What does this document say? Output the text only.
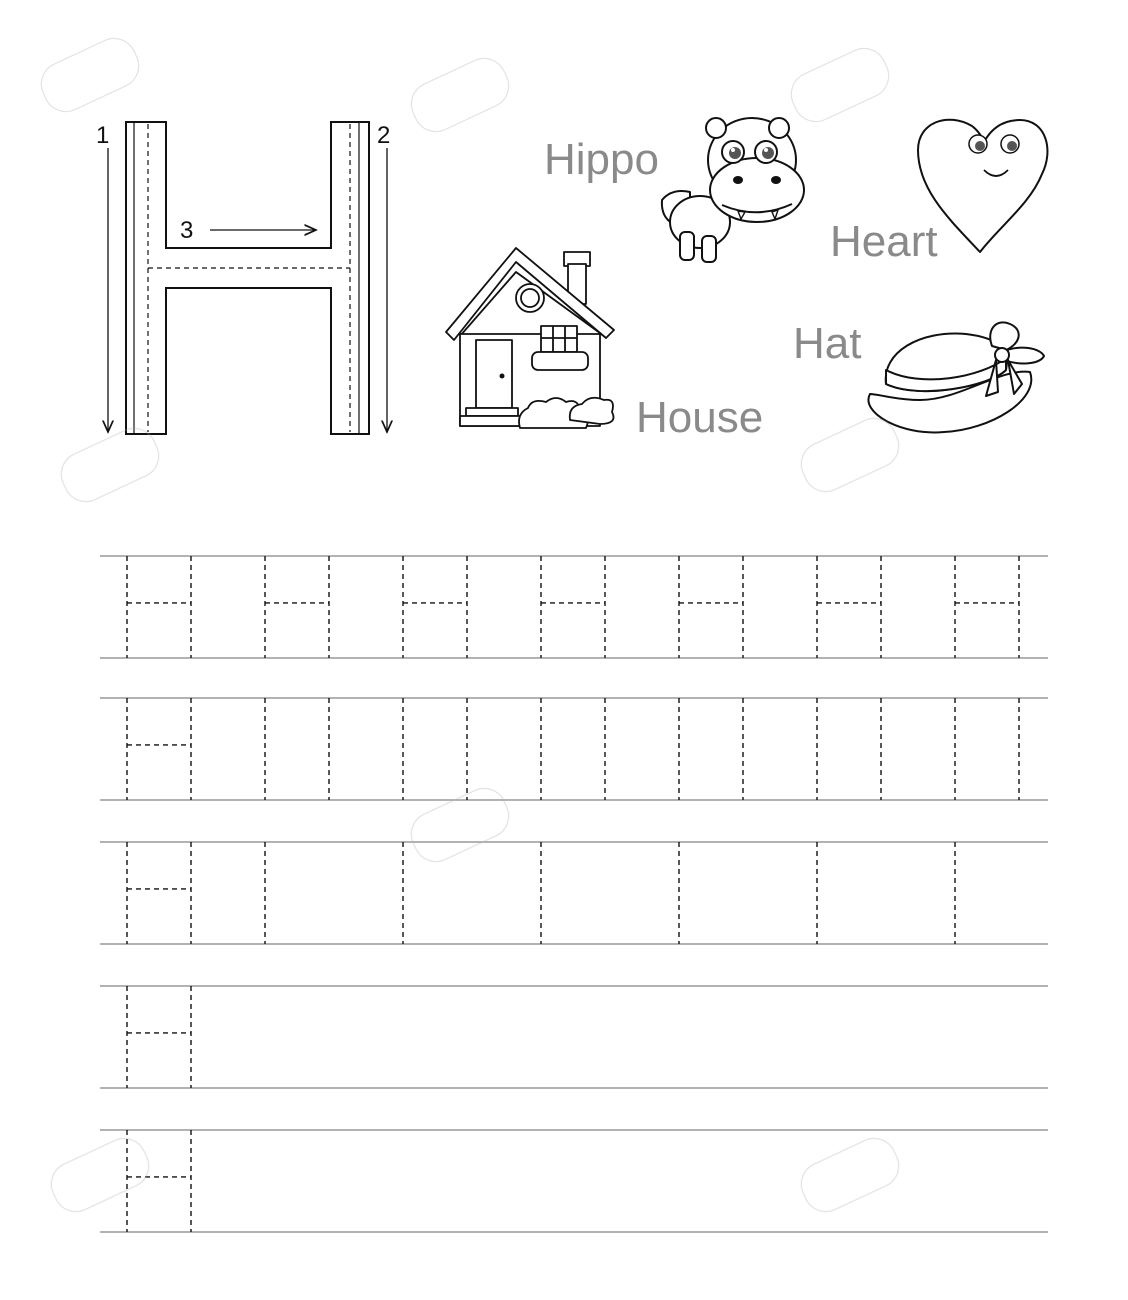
1	2
3
Hippo
Heart
Hat
House
